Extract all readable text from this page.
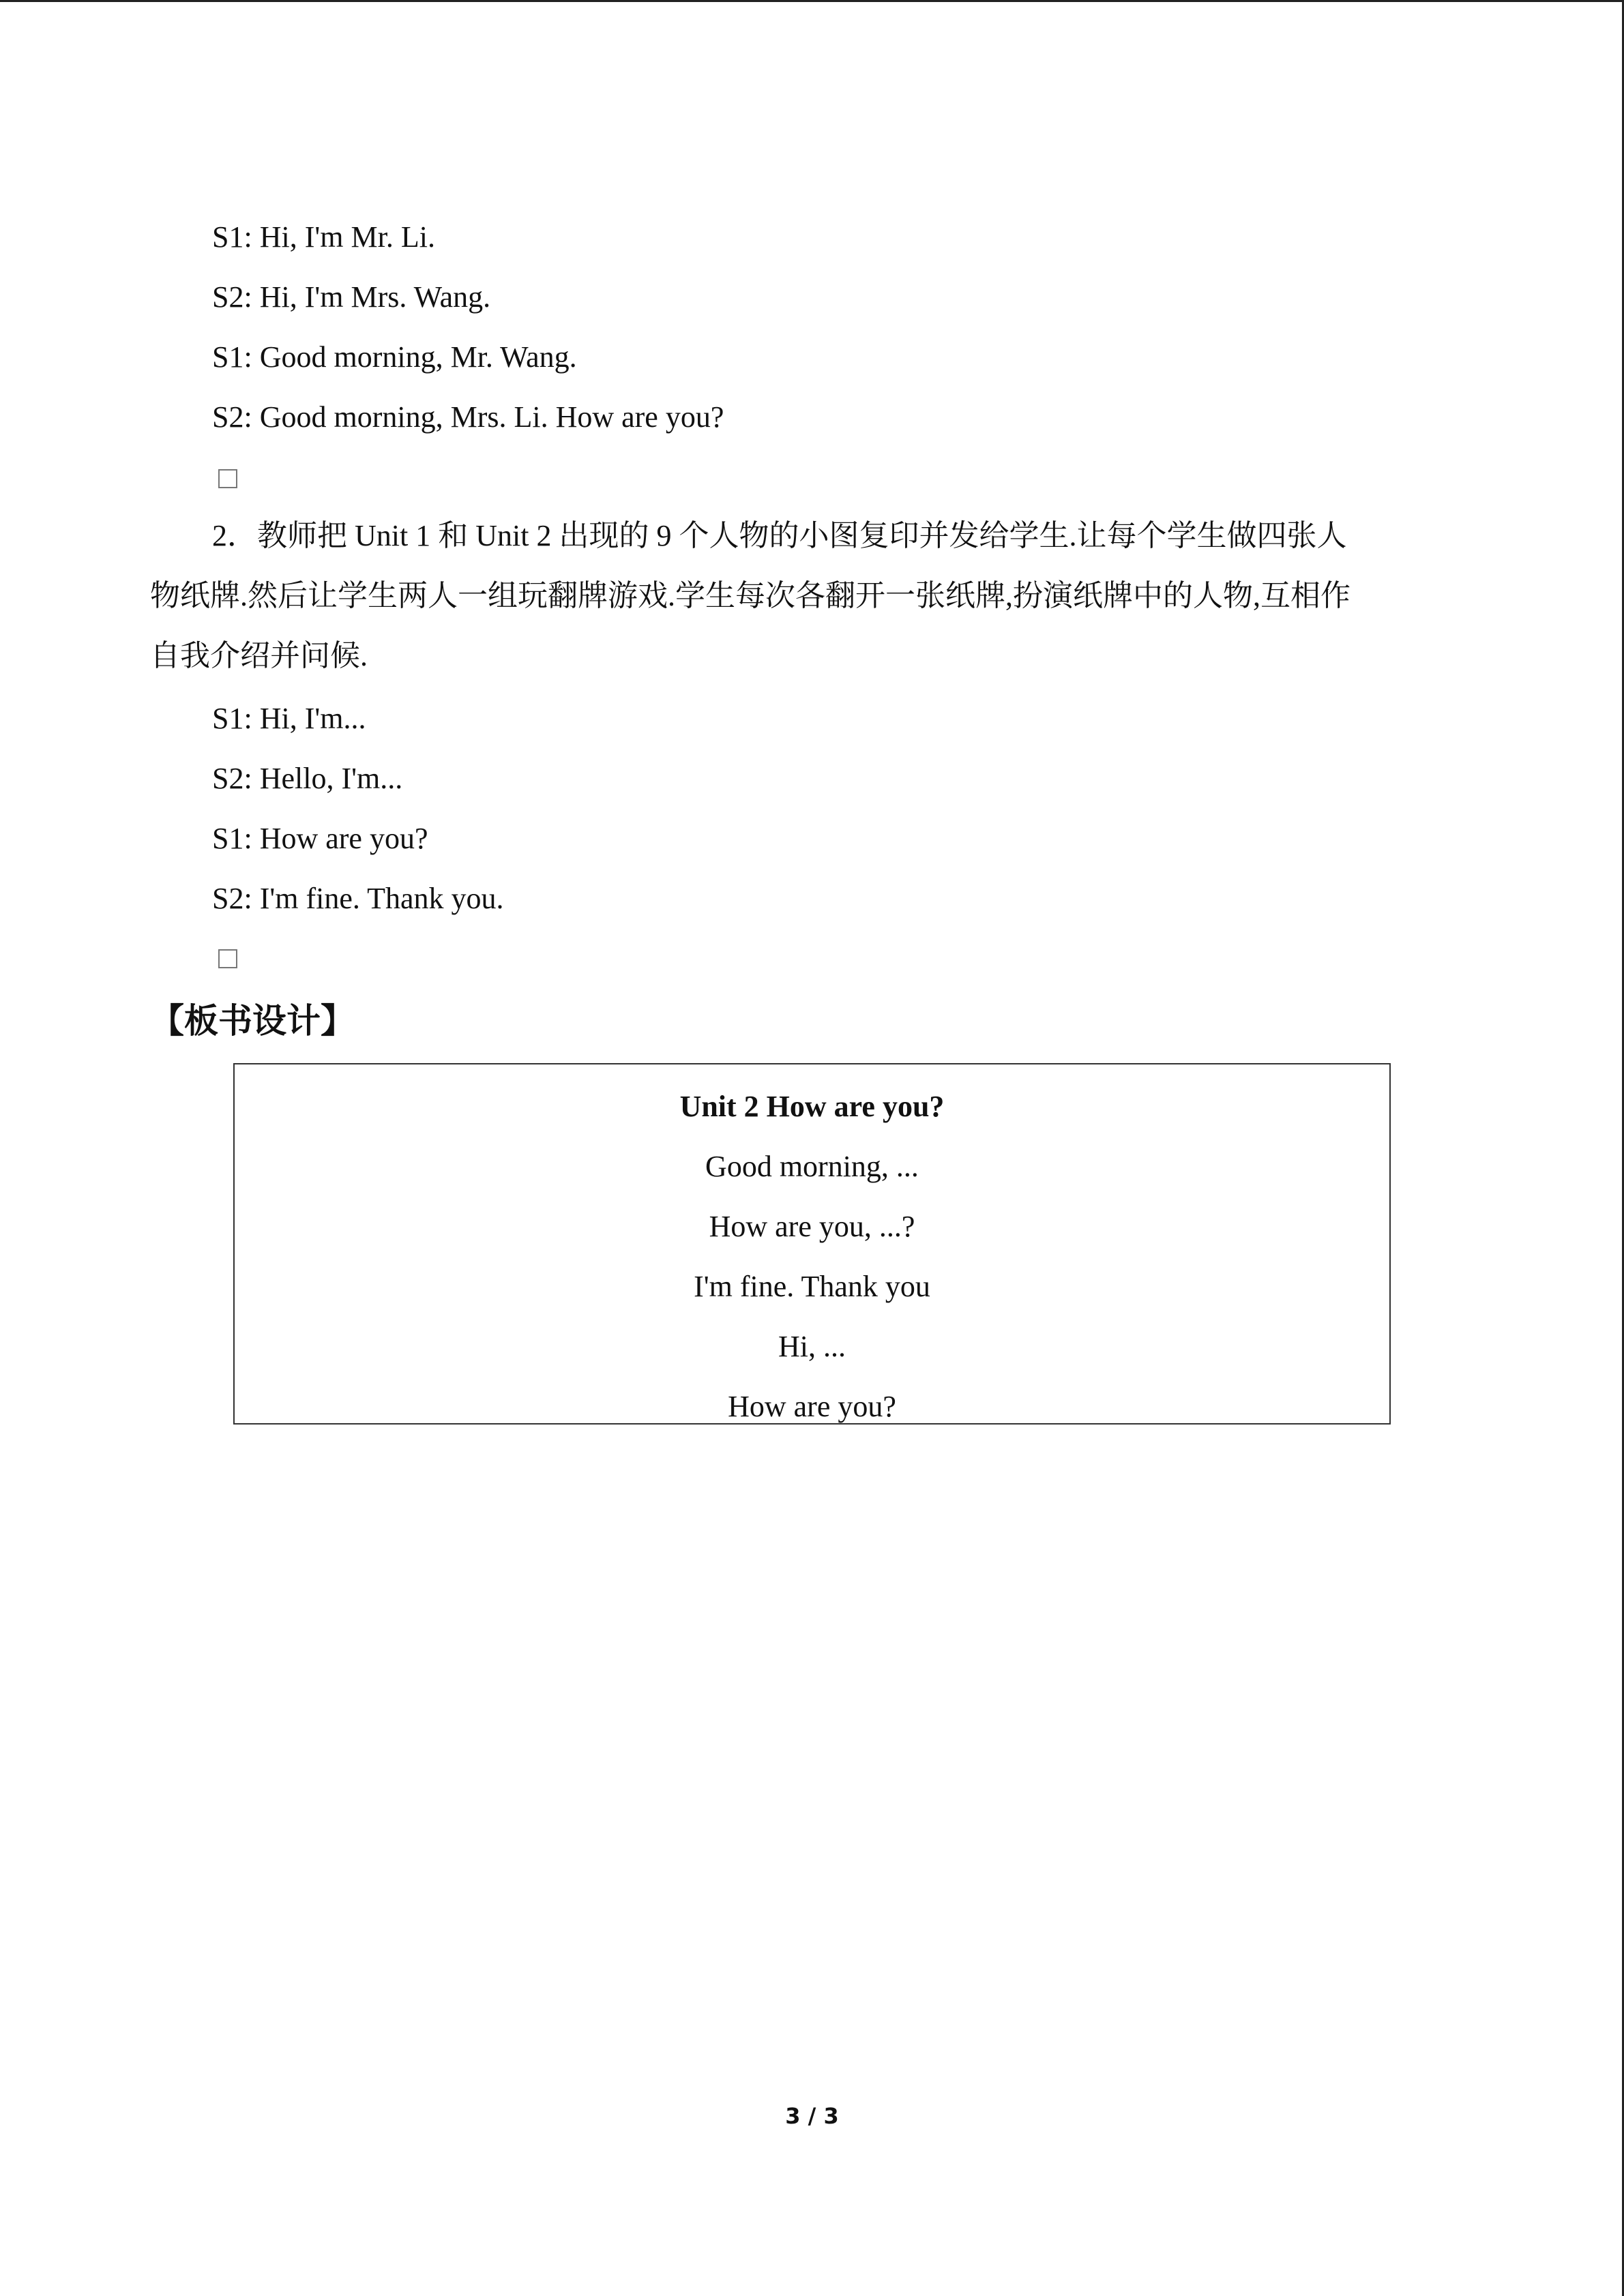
S1: Hi, I'm Mr. Li.
S2: Hi, I'm Mrs. Wang.
S1: Good morning, Mr. Wang.
S2: Good morning, Mrs. Li. How are you?
2．教师把 Unit 1 和 Unit 2 出现的 9 个人物的小图复印并发给学生.让每个学生做四张人
物纸牌.然后让学生两人一组玩翻牌游戏.学生每次各翻开一张纸牌,扮演纸牌中的人物,互相作
自我介绍并问候.
S1: Hi, I'm...
S2: Hello, I'm...
S1: How are you?
S2: I'm fine. Thank you.
【板书设计】
Unit 2 How are you?
Good morning, ...
How are you, ...?
I'm fine. Thank you
Hi, ...
How are you?
3 / 3
